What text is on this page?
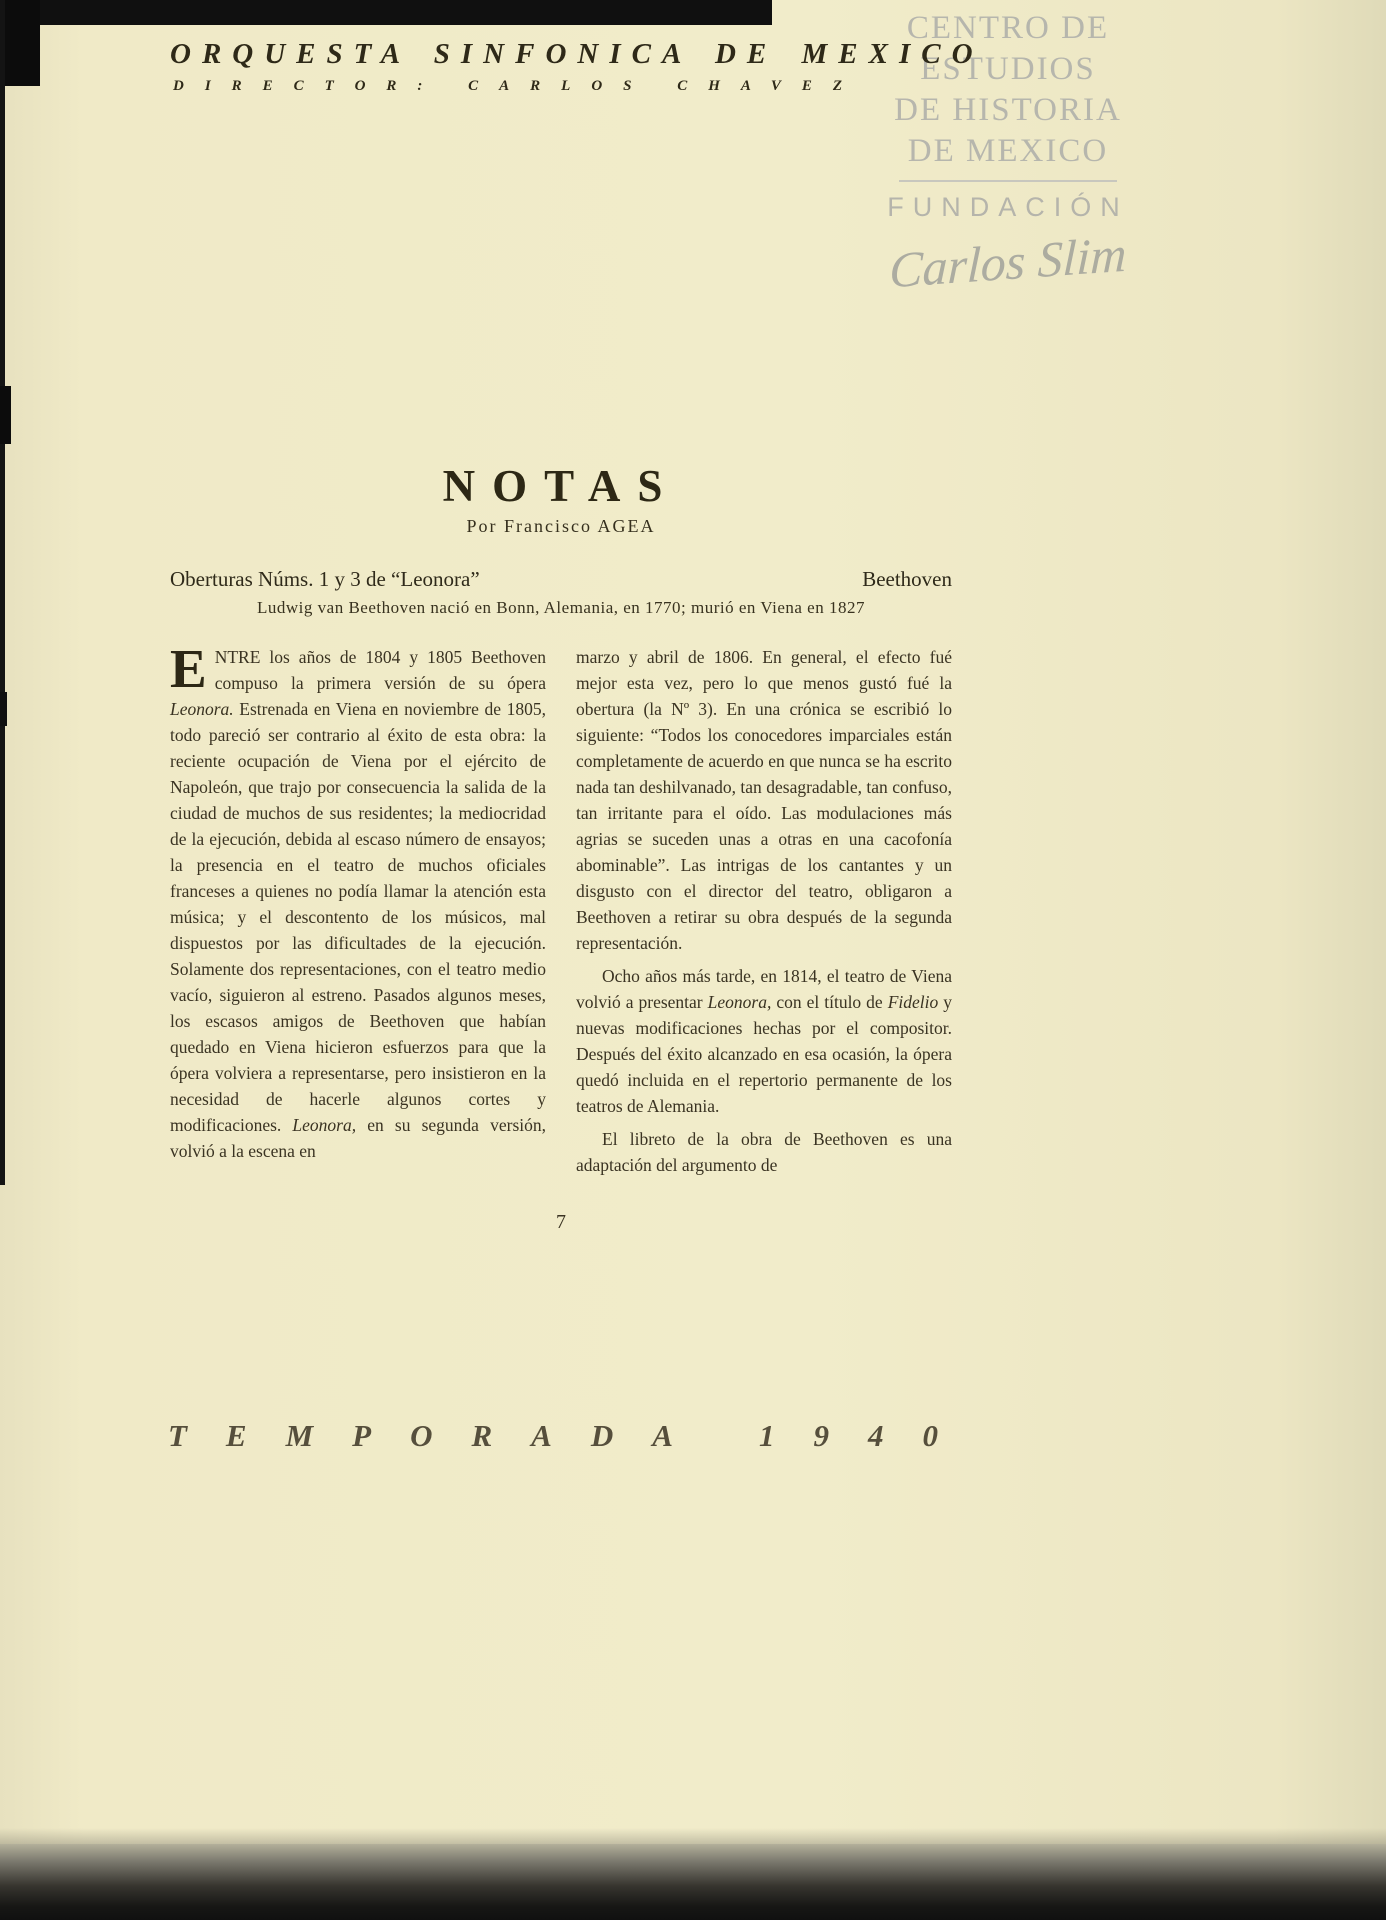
CENTRO DE
ESTUDIOS
DE HISTORIA
DE MEXICO
FUNDACIÓN
Carlos Slim
ORQUESTA SINFONICA DE MEXICO
DIRECTOR: CARLOS CHAVEZ
NOTAS
Por Francisco AGEA
Oberturas Núms. 1 y 3 de “Leonora”	Beethoven
Ludwig van Beethoven nació en Bonn, Alemania, en 1770; murió en Viena en 1827

ENTRE los años de 1804 y 1805 Beethoven compuso la primera versión de su ópera Leonora. Estrenada en Viena en noviembre de 1805, todo pareció ser contrario al éxito de esta obra: la reciente ocupación de Viena por el ejército de Napoleón, que trajo por consecuencia la salida de la ciudad de muchos de sus residentes; la mediocridad de la ejecución, debida al escaso número de ensayos; la presencia en el teatro de muchos oficiales franceses a quienes no podía llamar la atención esta música; y el descontento de los músicos, mal dispuestos por las dificultades de la ejecución. Solamente dos representaciones, con el teatro medio vacío, siguieron al estreno. Pasados algunos meses, los escasos amigos de Beethoven que habían quedado en Viena hicieron esfuerzos para que la ópera volviera a representarse, pero insistieron en la necesidad de hacerle algunos cortes y modificaciones. Leonora, en su segunda versión, volvió a la escena en

marzo y abril de 1806. En general, el efecto fué mejor esta vez, pero lo que menos gustó fué la obertura (la Nº 3). En una crónica se escribió lo siguiente: “Todos los conocedores imparciales están completamente de acuerdo en que nunca se ha escrito nada tan deshilvanado, tan desagradable, tan confuso, tan irritante para el oído. Las modulaciones más agrias se suceden unas a otras en una cacofonía abominable”. Las intrigas de los cantantes y un disgusto con el director del teatro, obligaron a Beethoven a retirar su obra después de la segunda representación.

Ocho años más tarde, en 1814, el teatro de Viena volvió a presentar Leonora, con el título de Fidelio y nuevas modificaciones hechas por el compositor. Después del éxito alcanzado en esa ocasión, la ópera quedó incluida en el repertorio permanente de los teatros de Alemania.

El libreto de la obra de Beethoven es una adaptación del argumento de

7
TEMPORADA 1940
